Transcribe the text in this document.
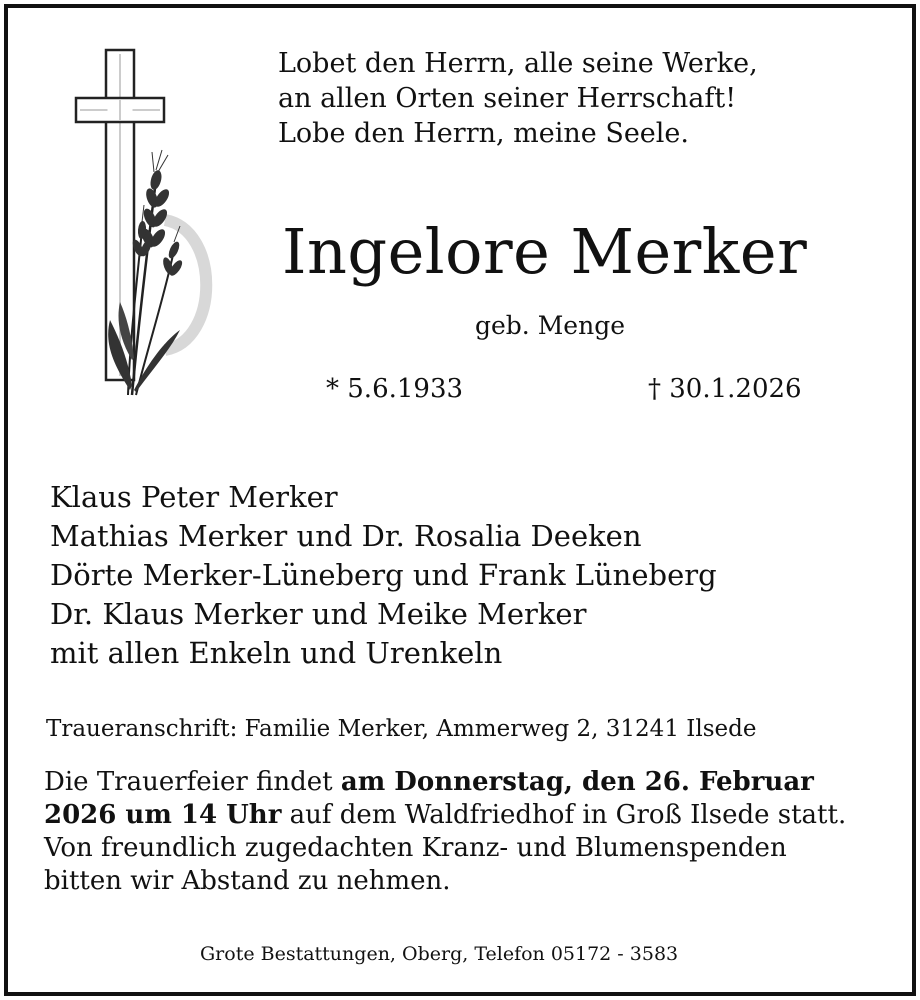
Lobet den Herrn, alle seine Werke,
an allen Orten seiner Herrschaft!
Lobe den Herrn, meine Seele.
Ingelore Merker
geb. Menge
* 5.6.1933	† 30.1.2026
Klaus Peter Merker
Mathias Merker und Dr. Rosalia Deeken
Dörte Merker-Lüneberg und Frank Lüneberg
Dr. Klaus Merker und Meike Merker
mit allen Enkeln und Urenkeln
Traueranschrift: Familie Merker, Ammerweg 2, 31241 Ilsede
Die Trauerfeier findet am Donnerstag, den 26. Februar
2026 um 14 Uhr auf dem Waldfriedhof in Groß Ilsede statt.
Von freundlich zugedachten Kranz- und Blumenspenden
bitten wir Abstand zu nehmen.
Grote Bestattungen, Oberg, Telefon 05172 - 3583
